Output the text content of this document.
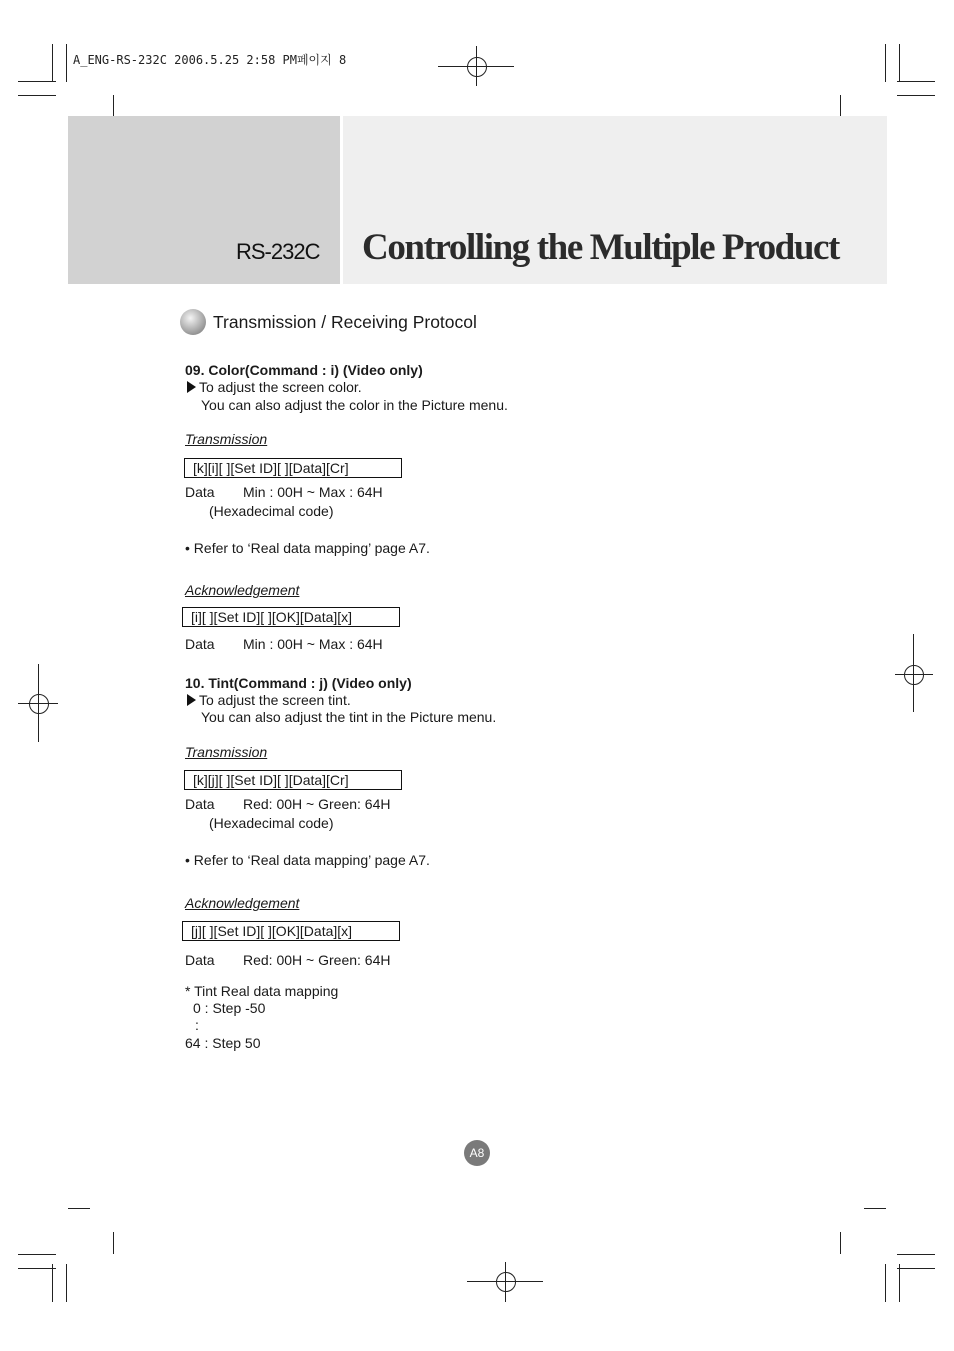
A_ENG-RS-232C 2006.5.25 2:58 PM페이지 8
RS-232C Controlling the Multiple Product
Transmission / Receiving Protocol
09. Color(Command : i) (Video only)
To adjust the screen color.
You can also adjust the color in the Picture menu.
Transmission
[k][i][ ][Set ID][ ][Data][Cr]
Data Min : 00H ~ Max : 64H
(Hexadecimal code)
• Refer to ‘Real data mapping’ page A7.
Acknowledgement
[i][ ][Set ID][ ][OK][Data][x]
Data Min : 00H ~ Max : 64H
10. Tint(Command : j) (Video only)
To adjust the screen tint.
You can also adjust the tint in the Picture menu.
Transmission
[k][j][ ][Set ID][ ][Data][Cr]
Data Red: 00H ~ Green: 64H
(Hexadecimal code)
• Refer to ‘Real data mapping’ page A7.
Acknowledgement
[j][ ][Set ID][ ][OK][Data][x]
Data Red: 00H ~ Green: 64H
* Tint Real data mapping
0 : Step -50
:
64 : Step 50
A8
